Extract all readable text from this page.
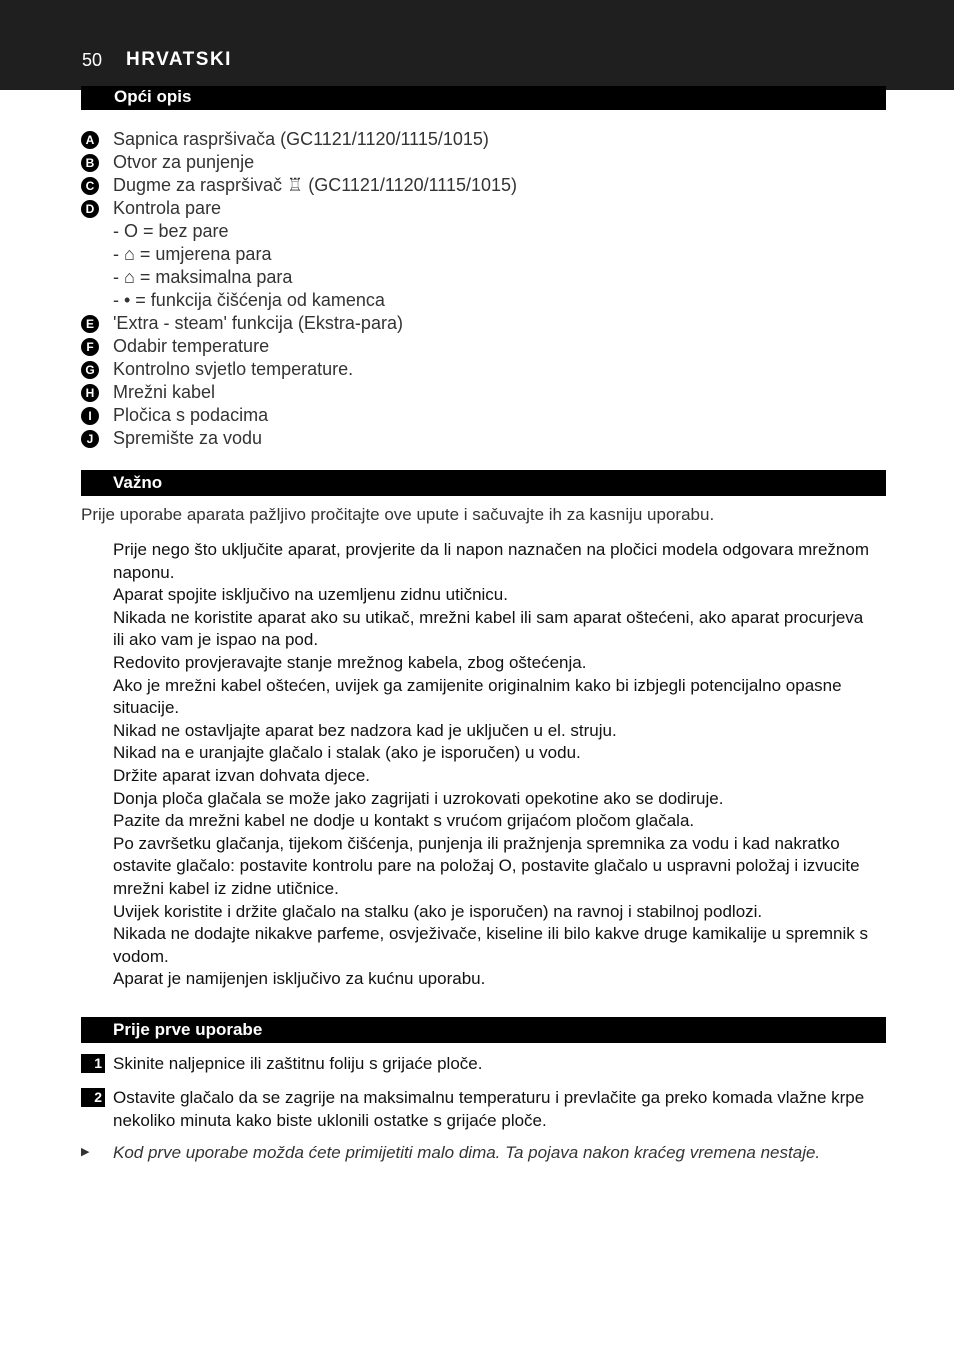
50 HRVATSKI
Opći opis
A Sapnica raspršivača (GC1121/1120/1115/1015)
B Otvor za punjenje
C Dugme za raspršivač ♖ (GC1121/1120/1115/1015)
D Kontrola pare
- O = bez pare
- ⌂ = umjerena para
- ⌂ = maksimalna para
- • = funkcija čišćenja od kamenca
E 'Extra - steam' funkcija (Ekstra-para)
F Odabir temperature
G Kontrolno svjetlo temperature.
H Mrežni kabel
I	Pločica s podacima
J	Spremište za vodu
Važno
Prije uporabe aparata pažljivo pročitajte ove upute i sačuvajte ih za kasniju uporabu.

Prije nego što uključite aparat, provjerite da li napon naznačen na pločici modela odgovara mrežnom naponu.

Aparat spojite isključivo na uzemljenu zidnu utičnicu.

Nikada ne koristite aparat ako su utikač, mrežni kabel ili sam aparat oštećeni, ako aparat procurjeva ili ako vam je ispao na pod.

Redovito provjeravajte stanje mrežnog kabela, zbog oštećenja.

Ako je mrežni kabel oštećen, uvijek ga zamijenite originalnim kako bi izbjegli potencijalno opasne situacije.

Nikad ne ostavljajte aparat bez nadzora kad je uključen u el. struju.

Nikad na e uranjajte glačalo i stalak (ako je isporučen) u vodu.

Držite aparat izvan dohvata djece.

Donja ploča glačala se može jako zagrijati i uzrokovati opekotine ako se dodiruje.

Pazite da mrežni kabel ne dodje u kontakt s vrućom grijaćom pločom glačala.

Po završetku glačanja, tijekom čišćenja, punjenja ili pražnjenja spremnika za vodu i kad nakratko ostavite glačalo: postavite kontrolu pare na položaj O, postavite glačalo u uspravni položaj i izvucite mrežni kabel iz zidne utičnice.

Uvijek koristite i držite glačalo na stalku (ako je isporučen) na ravnoj i stabilnoj podlozi.

Nikada ne dodajte nikakve parfeme, osvježivače, kiseline ili bilo kakve druge kamikalije u spremnik s vodom.

Aparat je namijenjen isključivo za kućnu uporabu.

Prije prve uporabe
1 Skinite naljepnice ili zaštitnu foliju s grijaće ploče.
2 Ostavite glačalo da se zagrije na maksimalnu temperaturu i prevlačite ga preko komada vlažne krpe nekoliko minuta kako biste uklonili ostatke s grijaće ploče.
▶ Kod prve uporabe možda ćete primijetiti malo dima. Ta pojava nakon kraćeg vremena nestaje.
